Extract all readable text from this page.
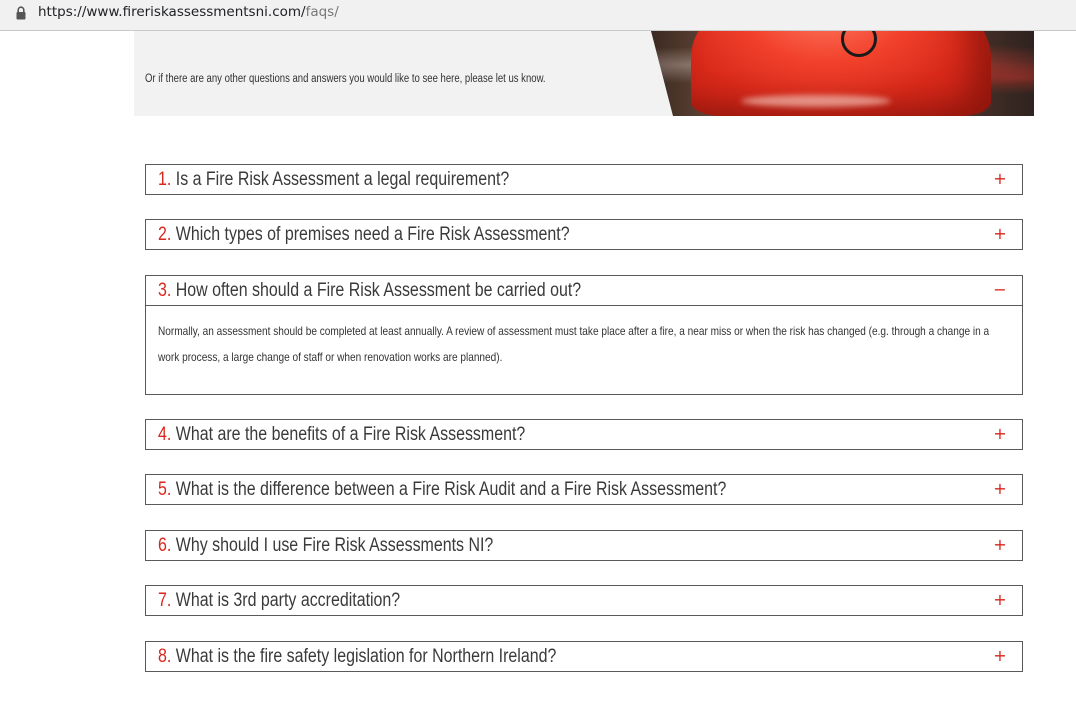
https://www.fireriskassessmentsni.com/faqs/
Or if there are any other questions and answers you would like to see here, please let us know.
1. Is a Fire Risk Assessment a legal requirement?	+
2. Which types of premises need a Fire Risk Assessment?	+
3. How often should a Fire Risk Assessment be carried out?	−
Normally, an assessment should be completed at least annually. A review of assessment must take place after a fire, a near miss or when the risk has changed (e.g. through a change in a work process, a large change of staff or when renovation works are planned).
4. What are the benefits of a Fire Risk Assessment?	+
5. What is the difference between a Fire Risk Audit and a Fire Risk Assessment?	+
6. Why should I use Fire Risk Assessments NI?	+
7. What is 3rd party accreditation?	+
8. What is the fire safety legislation for Northern Ireland?	+
